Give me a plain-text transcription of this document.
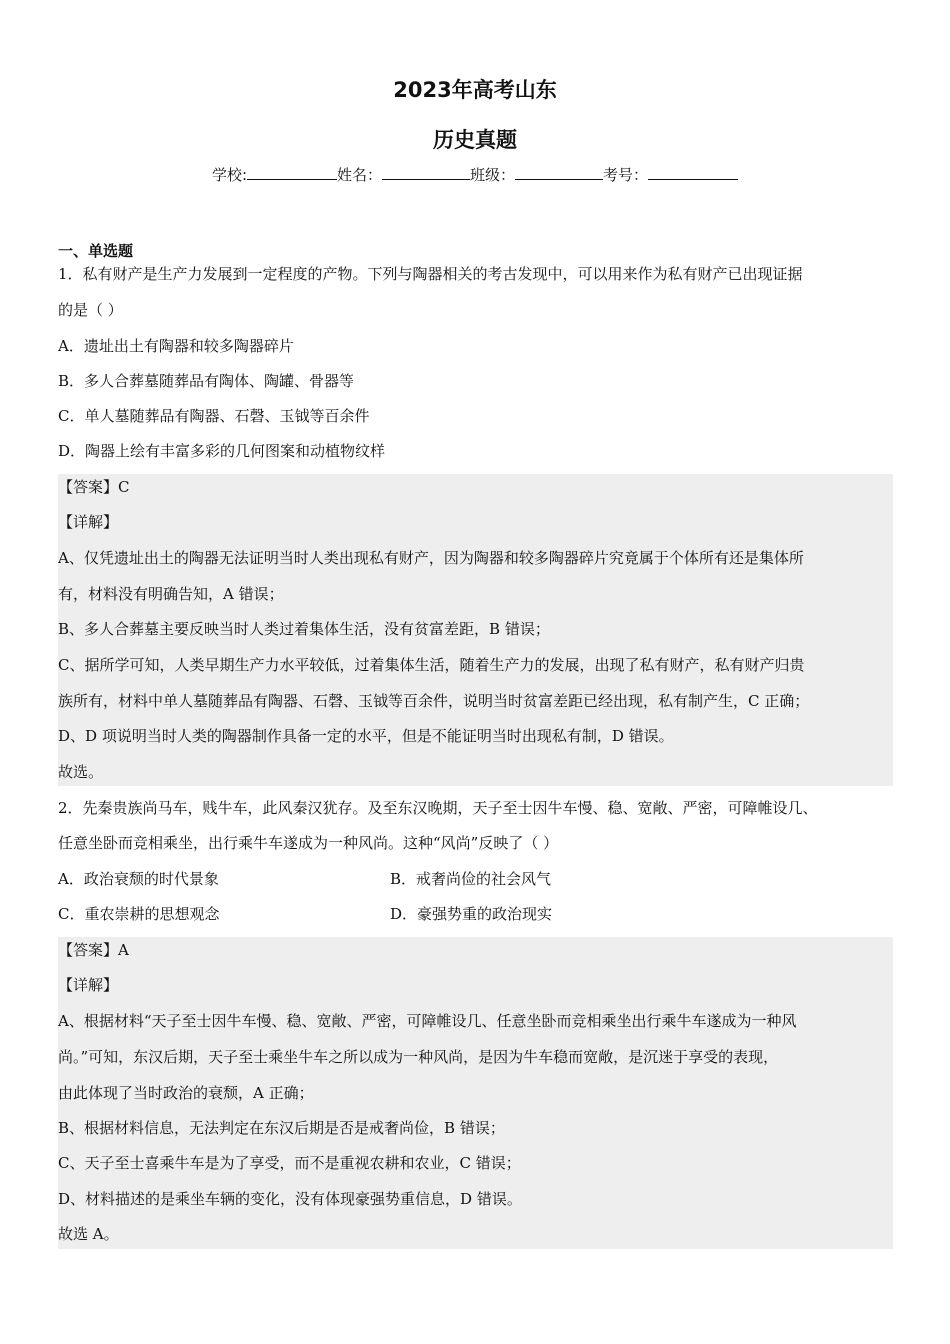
2023年高考山东
历史真题
学校:	姓名：	班级：	考号：
一、单选题
1．私有财产是生产力发展到一定程度的产物。下列与陶器相关的考古发现中，可以用来作为私有财产已出现证据
的是（ ）
A．遗址出土有陶器和较多陶器碎片
B．多人合葬墓随葬品有陶体、陶罐、骨器等
C．单人墓随葬品有陶器、石磬、玉钺等百余件
D．陶器上绘有丰富多彩的几何图案和动植物纹样
【答案】C
【详解】
A、仅凭遗址出土的陶器无法证明当时人类出现私有财产，因为陶器和较多陶器碎片究竟属于个体所有还是集体所
有，材料没有明确告知，A 错误；
B、多人合葬墓主要反映当时人类过着集体生活，没有贫富差距，B 错误；
C、据所学可知，人类早期生产力水平较低，过着集体生活，随着生产力的发展，出现了私有财产，私有财产归贵
族所有，材料中单人墓随葬品有陶器、石磬、玉钺等百余件，说明当时贫富差距已经出现，私有制产生，C 正确；
D、D 项说明当时人类的陶器制作具备一定的水平，但是不能证明当时出现私有制，D 错误。
故选。
2．先秦贵族尚马车，贱牛车，此风秦汉犹存。及至东汉晚期，天子至士因牛车慢、稳、宽敞、严密，可障帷设几、
任意坐卧而竞相乘坐，出行乘牛车遂成为一种风尚。这种“风尚”反映了（ ）
A．政治衰颓的时代景象	B．戒奢尚俭的社会风气
C．重农崇耕的思想观念	D．豪强势重的政治现实
【答案】A
【详解】
A、根据材料“天子至士因牛车慢、稳、宽敞、严密，可障帷设几、任意坐卧而竞相乘坐出行乘牛车遂成为一种风
尚。”可知，东汉后期，天子至士乘坐牛车之所以成为一种风尚，是因为牛车稳而宽敞，是沉迷于享受的表现，
由此体现了当时政治的衰颓，A 正确；
B、根据材料信息，无法判定在东汉后期是否是戒奢尚俭，B 错误；
C、天子至士喜乘牛车是为了享受，而不是重视农耕和农业，C 错误；
D、材料描述的是乘坐车辆的变化，没有体现豪强势重信息，D 错误。
故选 A。
